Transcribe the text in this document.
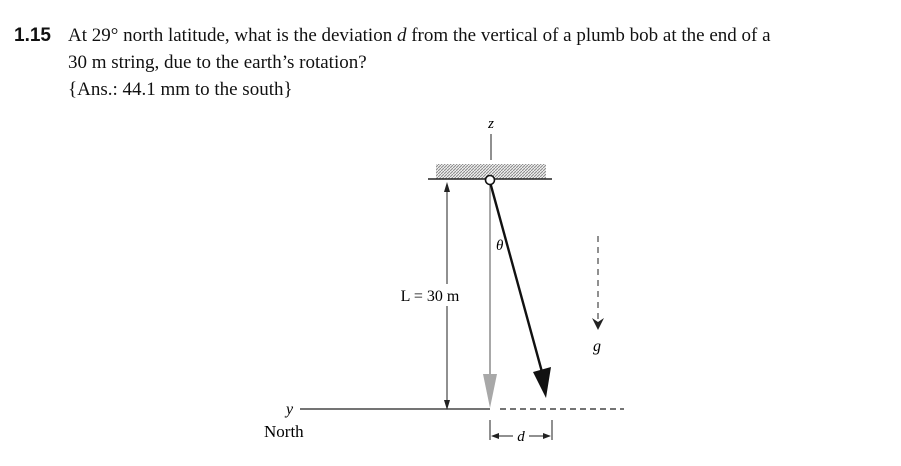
1.15 At 29° north latitude, what is the deviation d from the vertical of a plumb bob at the end of a
30 m string, due to the earth’s rotation?
{Ans.: 44.1 mm to the south}
z
θ
L = 30 m
g
y
North	d
